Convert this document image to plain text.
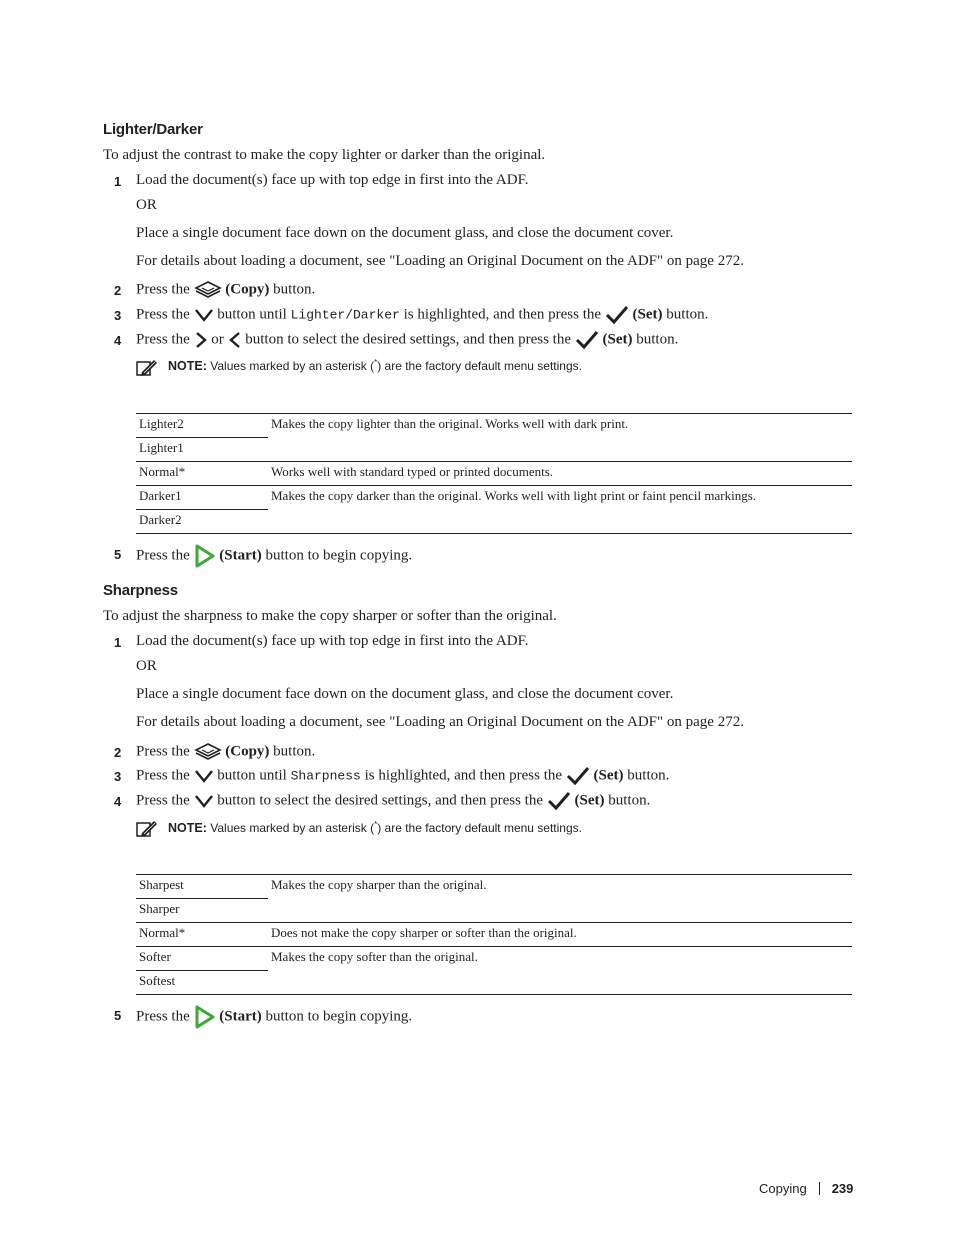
Lighter/Darker
To adjust the contrast to make the copy lighter or darker than the original.
1 Load the document(s) face up with top edge in first into the ADF.
OR
Place a single document face down on the document glass, and close the document cover.
For details about loading a document, see "Loading an Original Document on the ADF" on page 272.
2 Press the (Copy) button.
3 Press the button until Lighter/Darker is highlighted, and then press the (Set) button.
4 Press the or button to select the desired settings, and then press the (Set) button.
NOTE: Values marked by an asterisk (*) are the factory default menu settings.
Lighter2	Makes the copy lighter than the original. Works well with dark print.
Lighter1	
Normal*	Works well with standard typed or printed documents.
Darker1	Makes the copy darker than the original. Works well with light print or faint pencil markings.
Darker2	
5 Press the (Start) button to begin copying.
Sharpness
To adjust the sharpness to make the copy sharper or softer than the original.
1 Load the document(s) face up with top edge in first into the ADF.
OR
Place a single document face down on the document glass, and close the document cover.
For details about loading a document, see "Loading an Original Document on the ADF" on page 272.
2 Press the (Copy) button.
3 Press the button until Sharpness is highlighted, and then press the (Set) button.
4 Press the button to select the desired settings, and then press the (Set) button.
NOTE: Values marked by an asterisk (*) are the factory default menu settings.
Sharpest	Makes the copy sharper than the original.
Sharper	
Normal*	Does not make the copy sharper or softer than the original.
Softer	Makes the copy softer than the original.
Softest	
5 Press the (Start) button to begin copying.
Copying 239
